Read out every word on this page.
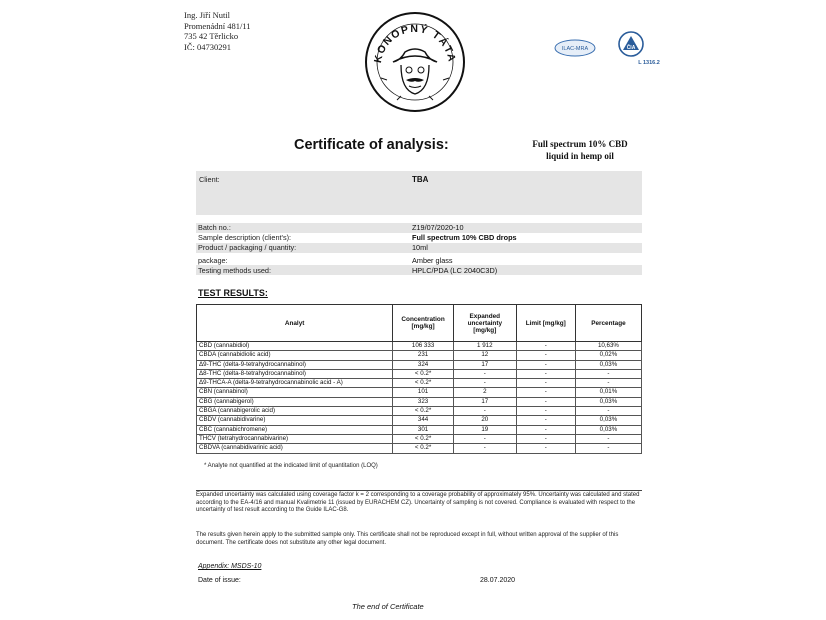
Ing. Jiří Nutil
Promenádní 481/11
735 42 Těrlicko
IČ: 04730291
KONOPNÝ TÁTA
ILAC-MRA	ČIA
L 1316.2
Certificate of analysis:	Full spectrum 10% CBD
liquid in hemp oil
Client:	TBA
Batch no.:	Z19/07/2020-10
Sample description (client's):	Full spectrum 10% CBD drops
Product / packaging / quantity:	10ml
package:	Amber glass
Testing methods used:	HPLC/PDA (LC 2040C3D)
TEST RESULTS:
Analyt	Concentration [mg/kg]	Expanded uncertainty [mg/kg]	Limit [mg/kg]	Percentage
CBD (cannabidiol)	106 333	1 912	-	10,63%
CBDA (cannabidiolic acid)	231	12	-	0,02%
Δ9-THC (delta-9-tetrahydrocannabinol)	324	17	-	0,03%
Δ8-THC (delta-8-tetrahydrocannabinol)	< 0.2*	-	-	-
Δ9-THCA-A (delta-9-tetrahydrocannabinolic acid - A)	< 0.2*	-	-	-
CBN (cannabinol)	101	2	-	0,01%
CBG (cannabigerol)	323	17	-	0,03%
CBGA (cannabigerolic acid)	< 0.2*	-	-	-
CBDV (cannabidivarine)	344	20	-	0,03%
CBC (cannabichromene)	301	19	-	0,03%
THCV (tetrahydrocannabivarine)	< 0.2*	-	-	-
CBDVA (cannabidivarinic acid)	< 0.2*	-	-	-
* Analyte not quantified at the indicated limit of quantitation (LOQ)
Expanded uncertainty was calculated using coverage factor k = 2 corresponding to a coverage probability of approximately 95%. Uncertainty was calculated and stated according to the EA-4/16 and manual Kvalimetrie 11 (issued by EURACHEM CZ). Uncertainty of sampling is not covered. Compliance is evaluated with respect to the uncertainty of test result according to the Guide ILAC-G8.
The results given herein apply to the submitted sample only. This certificate shall not be reproduced except in full, without written approval of the supplier of this document. The certificate does not substitute any other legal document.
Appendix: MSDS-10
Date of issue:	28.07.2020
The end of Certificate
